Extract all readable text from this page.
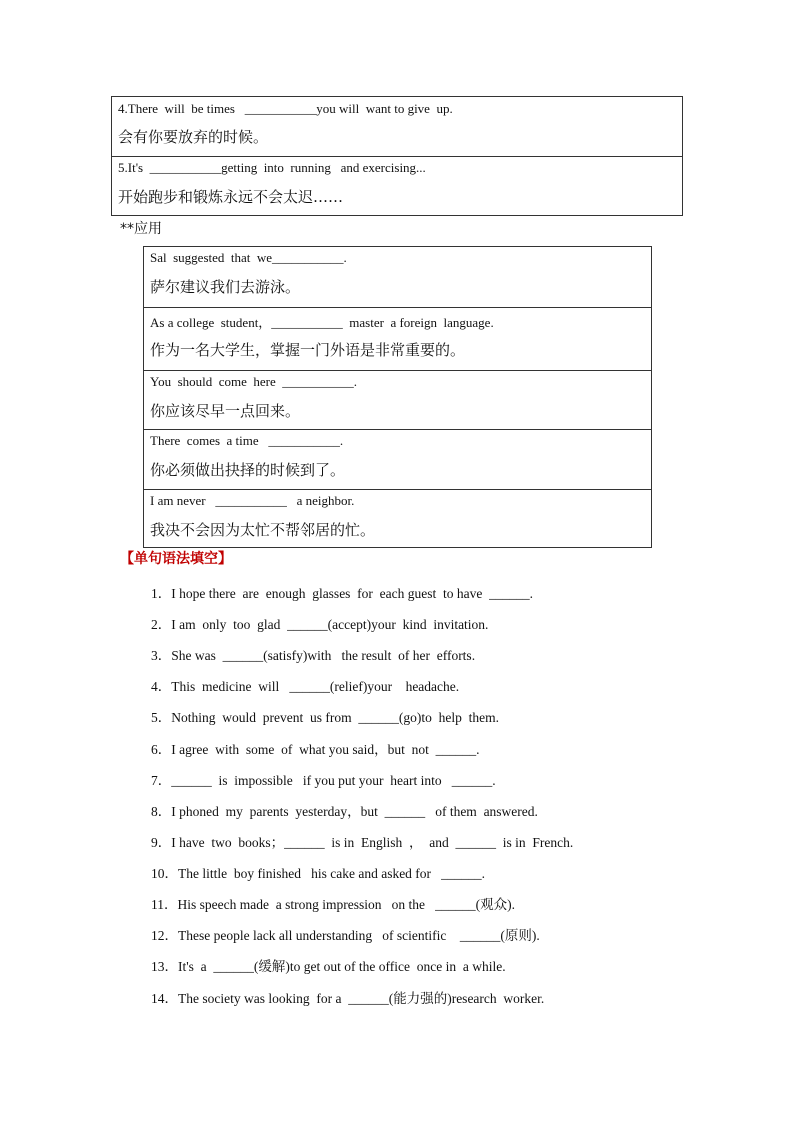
4.There  will  be times   ___________you will  want to give  up.
会有你要放弃的时候。
5.It's  ___________getting  into  running   and exercising...
开始跑步和锻炼永远不会太迟……
**应用
Sal  suggested  that  we___________.
萨尔建议我们去游泳。
As a college  student，___________  master  a foreign  language.
作为一名大学生，掌握一门外语是非常重要的。
You  should  come  here  ___________.
你应该尽早一点回来。
There  comes  a time   ___________.
你必须做出抉择的时候到了。
I am never   ___________   a neighbor.
我决不会因为太忙不帮邻居的忙。
【单句语法填空】
1．I hope there  are  enough  glasses  for  each guest  to have  ______.
2．I am  only  too  glad  ______(accept)your  kind  invitation.
3．She was  ______(satisfy)with   the result  of her  efforts.
4．This  medicine  will   ______(relief)your    headache.
5．Nothing  would  prevent  us from  ______(go)to  help  them.
6．I agree  with  some  of  what you said，but  not  ______.
7．______  is  impossible   if you put your  heart into   ______.
8．I phoned  my  parents  yesterday，but  ______   of them  answered.
9．I have  two  books；______  is in  English  ，  and  ______  is in  French.
10．The little  boy finished   his cake and asked for   ______.
11．His speech made  a strong impression   on the   ______(观众).
12．These people lack all understanding   of scientific    ______(原则).
13．It's  a  ______(缓解)to get out of the office  once in  a while.
14．The society was looking  for a  ______(能力强的)research  worker.
